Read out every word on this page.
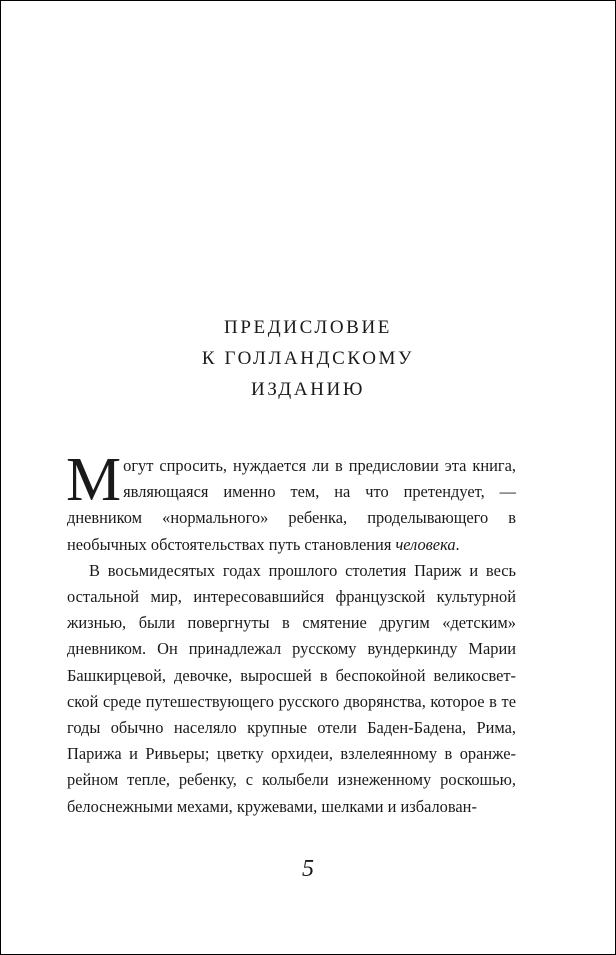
ПРЕДИСЛОВИЕ
К ГОЛЛАНДСКОМУ
ИЗДАНИЮ

Могут спросить, нуждается ли в предисловии эта книга, являющаяся именно тем, на что претендует, — дневником «нормального» ребенка, проделывающего в необычных обстоятельствах путь становления человека.

В восьмидесятых годах прошлого столетия Париж и весь остальной мир, интересовавшийся французской культурной жизнью, были повергнуты в смятение другим «детским» дневником. Он принадлежал русскому вундеркинду Марии Башкирцевой, девочке, выросшей в беспокойной великосветской среде путешествующего русского дворянства, которое в те годы обычно населяло крупные отели Баден-Бадена, Рима, Парижа и Ривьеры; цветку орхидеи, взлелеянному в оранжерейном тепле, ребенку, с колыбели изнеженному роскошью, белоснежными мехами, кружевами, шелками и избалован-

5
